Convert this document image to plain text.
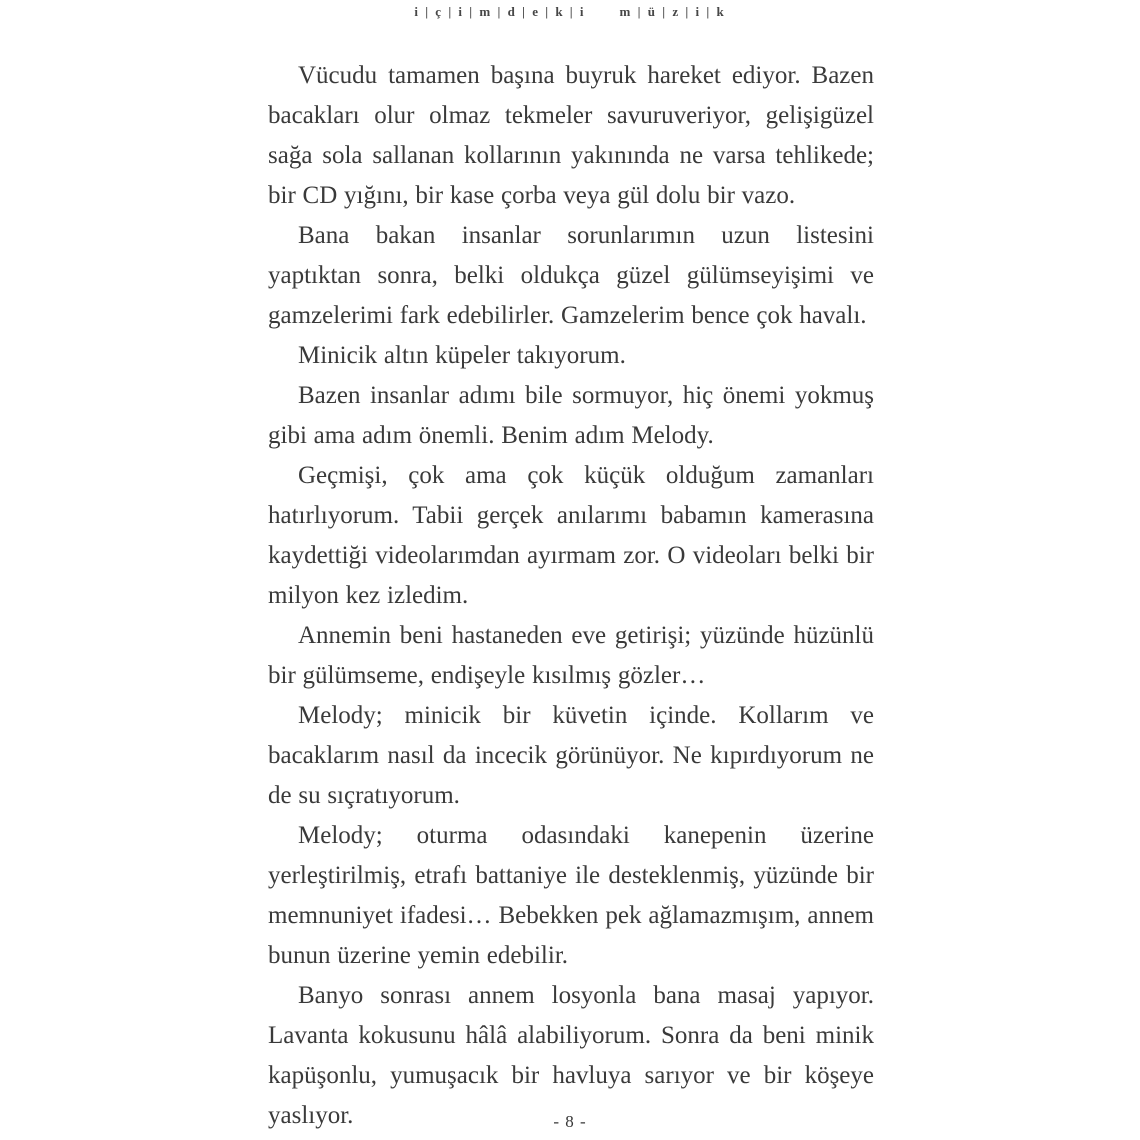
i | ç | i | m | d | e | k | i	m | ü | z | i | k

Vücudu tamamen başına buyruk hareket ediyor. Bazen bacakları olur olmaz tekmeler savuruveriyor, gelişigüzel sağa sola sallanan kollarının yakınında ne varsa tehlikede; bir CD yığını, bir kase çorba veya gül dolu bir vazo.

Bana bakan insanlar sorunlarımın uzun listesini yaptıktan sonra, belki oldukça güzel gülümseyişimi ve gamzelerimi fark edebilirler. Gamzelerim bence çok havalı.

Minicik altın küpeler takıyorum.

Bazen insanlar adımı bile sormuyor, hiç önemi yokmuş gibi ama adım önemli. Benim adım Melody.

Geçmişi, çok ama çok küçük olduğum zamanları hatırlıyorum. Tabii gerçek anılarımı babamın kamerasına kaydettiği videolarımdan ayırmam zor. O videoları belki bir milyon kez izledim.

Annemin beni hastaneden eve getirişi; yüzünde hüzünlü bir gülümseme, endişeyle kısılmış gözler…

Melody; minicik bir küvetin içinde. Kollarım ve bacaklarım nasıl da incecik görünüyor. Ne kıpırdıyorum ne de su sıçratıyorum.

Melody; oturma odasındaki kanepenin üzerine yerleştirilmiş, etrafı battaniye ile desteklenmiş, yüzünde bir memnuniyet ifadesi… Bebekken pek ağlamazmışım, annem bunun üzerine yemin edebilir.

Banyo sonrası annem losyonla bana masaj yapıyor. Lavanta kokusunu hâlâ alabiliyorum. Sonra da beni minik kapüşonlu, yumuşacık bir havluya sarıyor ve bir köşeye yaslıyor.	- 8 -
